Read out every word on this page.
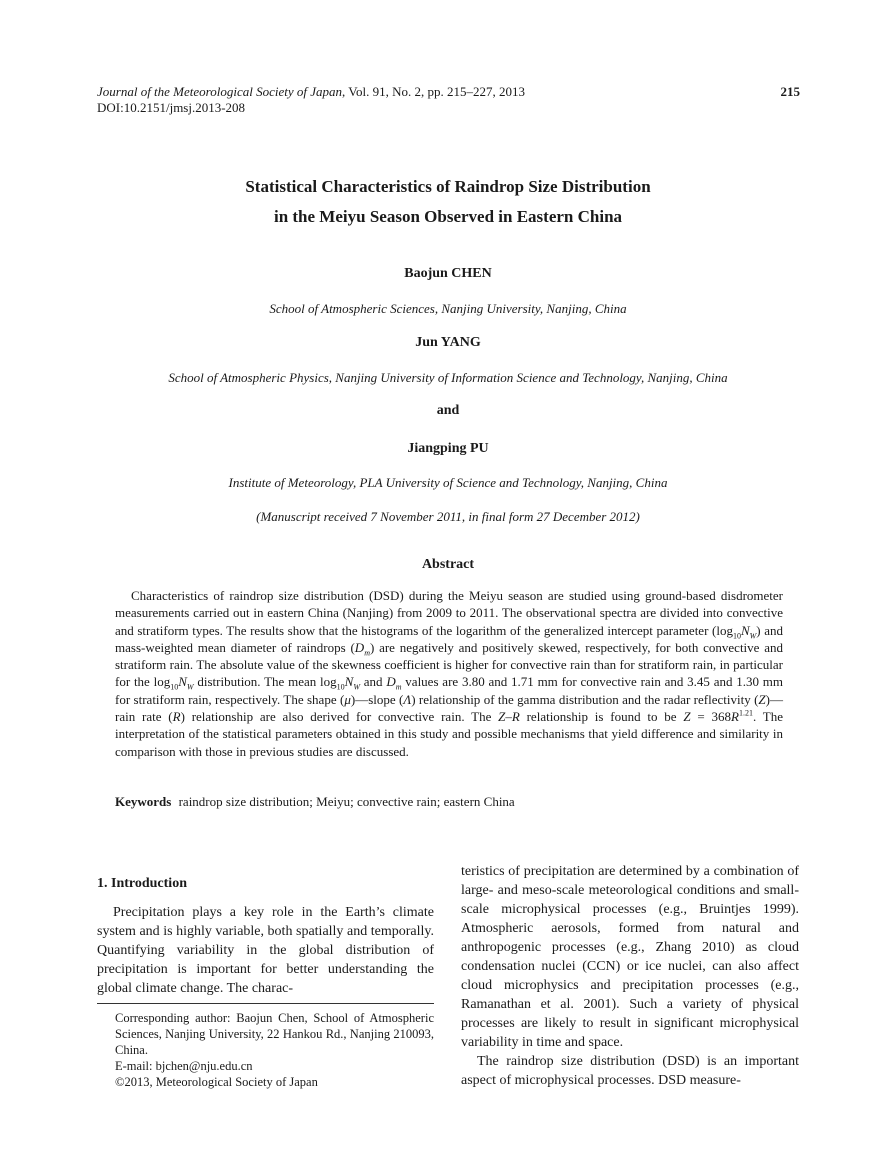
Journal of the Meteorological Society of Japan, Vol. 91, No. 2, pp. 215–227, 2013
DOI:10.2151/jmsj.2013-208
215
Statistical Characteristics of Raindrop Size Distribution
in the Meiyu Season Observed in Eastern China
Baojun CHEN
School of Atmospheric Sciences, Nanjing University, Nanjing, China
Jun YANG
School of Atmospheric Physics, Nanjing University of Information Science and Technology, Nanjing, China
and
Jiangping PU
Institute of Meteorology, PLA University of Science and Technology, Nanjing, China
(Manuscript received 7 November 2011, in final form 27 December 2012)
Abstract
Characteristics of raindrop size distribution (DSD) during the Meiyu season are studied using ground-based disdrometer measurements carried out in eastern China (Nanjing) from 2009 to 2011. The observational spectra are divided into convective and stratiform types. The results show that the histograms of the logarithm of the generalized intercept parameter $(\log_{10}N_W)$ and mass-weighted mean diameter of raindrops $(D_m)$ are negatively and positively skewed, respectively, for both convective and stratiform rain. The absolute value of the skewness coefficient is higher for convective rain than for stratiform rain, in particular for the $\log_{10}N_W$ distribution. The mean $\log_{10}N_W$ and $D_m$ values are 3.80 and 1.71 mm for convective rain and 3.45 and 1.30 mm for stratiform rain, respectively. The shape (μ)—slope (Λ) relationship of the gamma distribution and the radar reflectivity (Z)—rain rate (R) relationship are also derived for convective rain. The Z–R relationship is found to be $Z = 368R^{1.21}$. The interpretation of the statistical parameters obtained in this study and possible mechanisms that yield difference and similarity in comparison with those in previous studies are discussed.
Keywords raindrop size distribution; Meiyu; convective rain; eastern China
1. Introduction
Precipitation plays a key role in the Earth’s climate system and is highly variable, both spatially and temporally. Quantifying variability in the global distribution of precipitation is important for better understanding the global climate change. The charac-
Corresponding author: Baojun Chen, School of Atmospheric Sciences, Nanjing University, 22 Hankou Rd., Nanjing 210093, China.
E-mail: bjchen@nju.edu.cn
©2013, Meteorological Society of Japan

teristics of precipitation are determined by a combination of large- and meso-scale meteorological conditions and small-scale microphysical processes (e.g., Bruintjes 1999). Atmospheric aerosols, formed from natural and anthropogenic processes (e.g., Zhang 2010) as cloud condensation nuclei (CCN) or ice nuclei, can also affect cloud microphysics and precipitation processes (e.g., Ramanathan et al. 2001). Such a variety of physical processes are likely to result in significant microphysical variability in time and space.

The raindrop size distribution (DSD) is an important aspect of microphysical processes. DSD measure-
